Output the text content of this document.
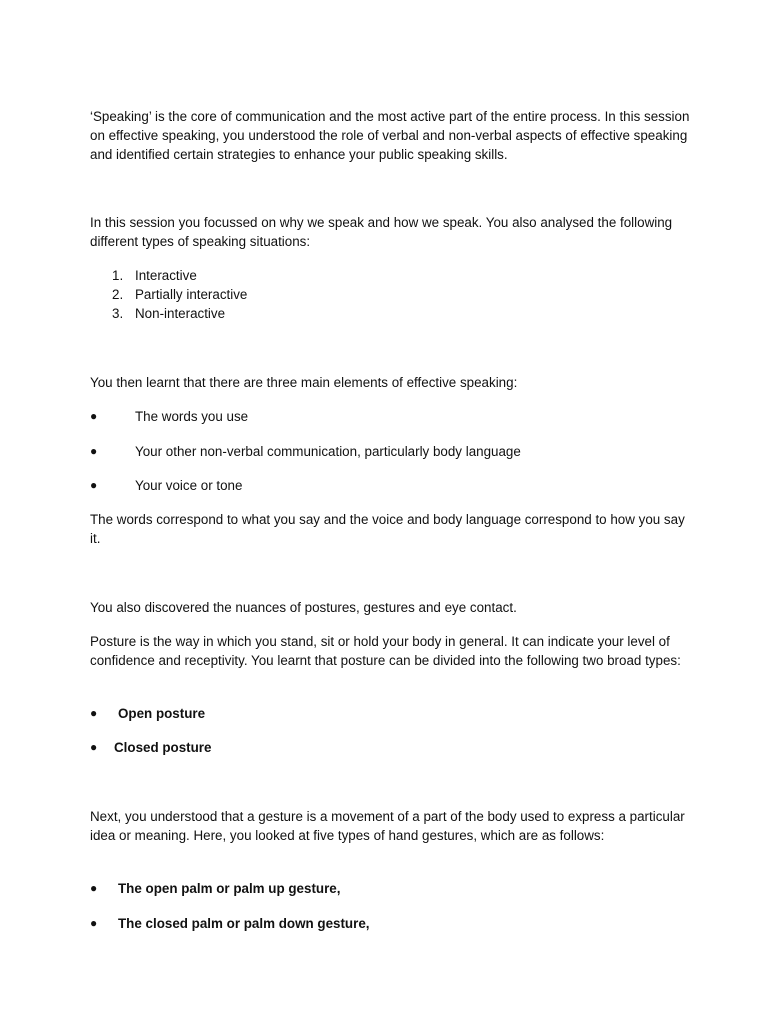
‘Speaking’ is the core of communication and the most active part of the entire process. In this session on effective speaking, you understood the role of verbal and non-verbal aspects of effective speaking and identified certain strategies to enhance your public speaking skills.

In this session you focussed on why we speak and how we speak. You also analysed the following different types of speaking situations:

1. Interactive
2. Partially interactive
3. Non-interactive

You then learnt that there are three main elements of effective speaking:

●	The words you use
●	Your other non-verbal communication, particularly body language
●	Your voice or tone

The words correspond to what you say and the voice and body language correspond to how you say it.

You also discovered the nuances of postures, gestures and eye contact.

Posture is the way in which you stand, sit or hold your body in general. It can indicate your level of confidence and receptivity. You learnt that posture can be divided into the following two broad types:

● Open posture
● Closed posture

Next, you understood that a gesture is a movement of a part of the body used to express a particular idea or meaning. Here, you looked at five types of hand gestures, which are as follows:

● The open palm or palm up gesture,
● The closed palm or palm down gesture,
